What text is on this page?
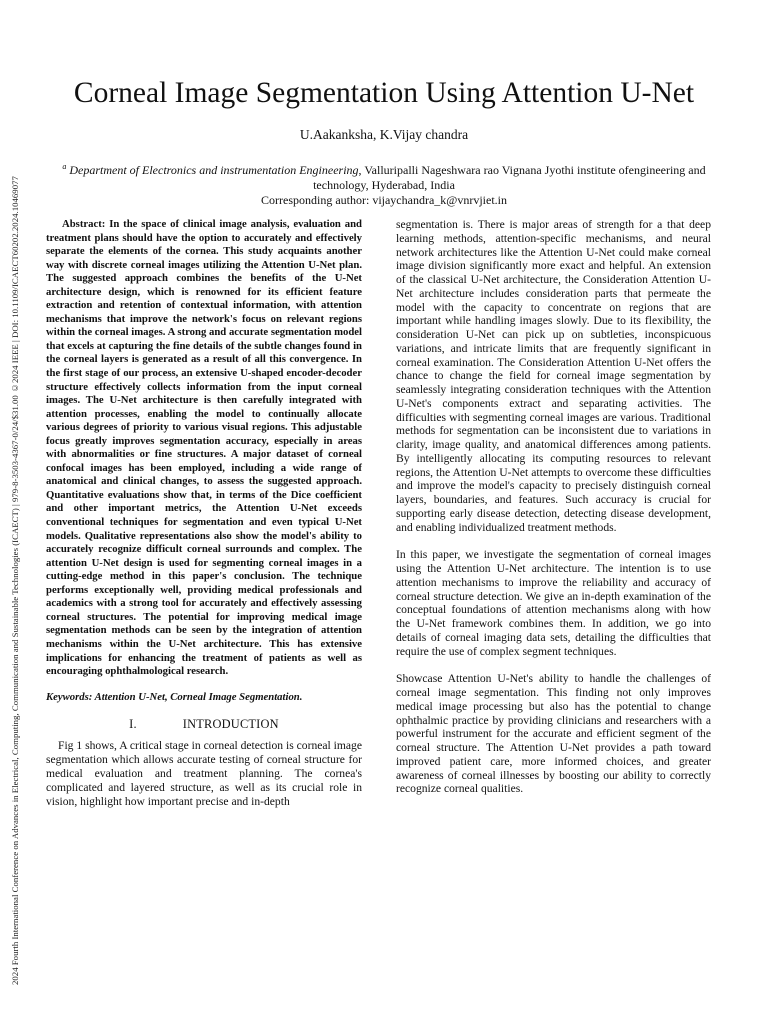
2024 Fourth International Conference on Advances in Electrical, Computing, Communication and Sustainable Technologies (ICAECT) | 979-8-3503-4367-0/24/$31.00 ©2024 IEEE | DOI: 10.1109/ICAECT60202.2024.10469077
Corneal Image Segmentation Using Attention U-Net
U.Aakanksha, K.Vijay chandra
$^a$ Department of Electronics and instrumentation Engineering, Valluripalli Nageshwara rao Vignana Jyothi institute ofengineering and technology, Hyderabad, India
Corresponding author: vijaychandra_k@vnrvjiet.in

Abstract: In the space of clinical image analysis, evaluation and treatment plans should have the option to accurately and effectively separate the elements of the cornea. This study acquaints another way with discrete corneal images utilizing the Attention U-Net plan. The suggested approach combines the benefits of the U-Net architecture design, which is renowned for its efficient feature extraction and retention of contextual information, with attention mechanisms that improve the network's focus on relevant regions within the corneal images. A strong and accurate segmentation model that excels at capturing the fine details of the subtle changes found in the corneal layers is generated as a result of all this convergence. In the first stage of our process, an extensive U-shaped encoder-decoder structure effectively collects information from the input corneal images. The U-Net architecture is then carefully integrated with attention processes, enabling the model to continually allocate various degrees of priority to various visual regions. This adjustable focus greatly improves segmentation accuracy, especially in areas with abnormalities or fine structures. A major dataset of corneal confocal images has been employed, including a wide range of anatomical and clinical changes, to assess the suggested approach. Quantitative evaluations show that, in terms of the Dice coefficient and other important metrics, the Attention U-Net exceeds conventional techniques for segmentation and even typical U-Net models. Qualitative representations also show the model's ability to accurately recognize difficult corneal surrounds and complex. The attention U-Net design is used for segmenting corneal images in a cutting-edge method in this paper's conclusion. The technique performs exceptionally well, providing medical professionals and academics with a strong tool for accurately and effectively assessing corneal structures. The potential for improving medical image segmentation methods can be seen by the integration of attention mechanisms within the U-Net architecture. This has extensive implications for enhancing the treatment of patients as well as encouraging ophthalmological research.

Keywords: Attention U-Net, Corneal Image Segmentation.

I.	INTRODUCTION

Fig 1 shows, A critical stage in corneal detection is corneal image segmentation which allows accurate testing of corneal structure for medical evaluation and treatment planning. The cornea's complicated and layered structure, as well as its crucial role in vision, highlight how important precise and in-depth

segmentation is. There is major areas of strength for a that deep learning methods, attention-specific mechanisms, and neural network architectures like the Attention U-Net could make corneal image division significantly more exact and helpful. An extension of the classical U-Net architecture, the Consideration Attention U-Net architecture includes consideration parts that permeate the model with the capacity to concentrate on regions that are important while handling images slowly. Due to its flexibility, the consideration U-Net can pick up on subtleties, inconspicuous variations, and intricate limits that are frequently significant in corneal examination. The Consideration Attention U-Net offers the chance to change the field for corneal image segmentation by seamlessly integrating consideration techniques with the Attention U-Net's components extract and separating activities. The difficulties with segmenting corneal images are various. Traditional methods for segmentation can be inconsistent due to variations in clarity, image quality, and anatomical differences among patients. By intelligently allocating its computing resources to relevant regions, the Attention U-Net attempts to overcome these difficulties and improve the model's capacity to precisely distinguish corneal layers, boundaries, and features. Such accuracy is crucial for supporting early disease detection, detecting disease development, and enabling individualized treatment methods.

In this paper, we investigate the segmentation of corneal images using the Attention U-Net architecture. The intention is to use attention mechanisms to improve the reliability and accuracy of corneal structure detection. We give an in-depth examination of the conceptual foundations of attention mechanisms along with how the U-Net framework combines them. In addition, we go into details of corneal imaging data sets, detailing the difficulties that require the use of complex segment techniques.

Showcase Attention U-Net's ability to handle the challenges of corneal image segmentation. This finding not only improves medical image processing but also has the potential to change ophthalmic practice by providing clinicians and researchers with a powerful instrument for the accurate and efficient segment of the corneal structure. The Attention U-Net provides a path toward improved patient care, more informed choices, and greater awareness of corneal illnesses by boosting our ability to correctly recognize corneal qualities.
